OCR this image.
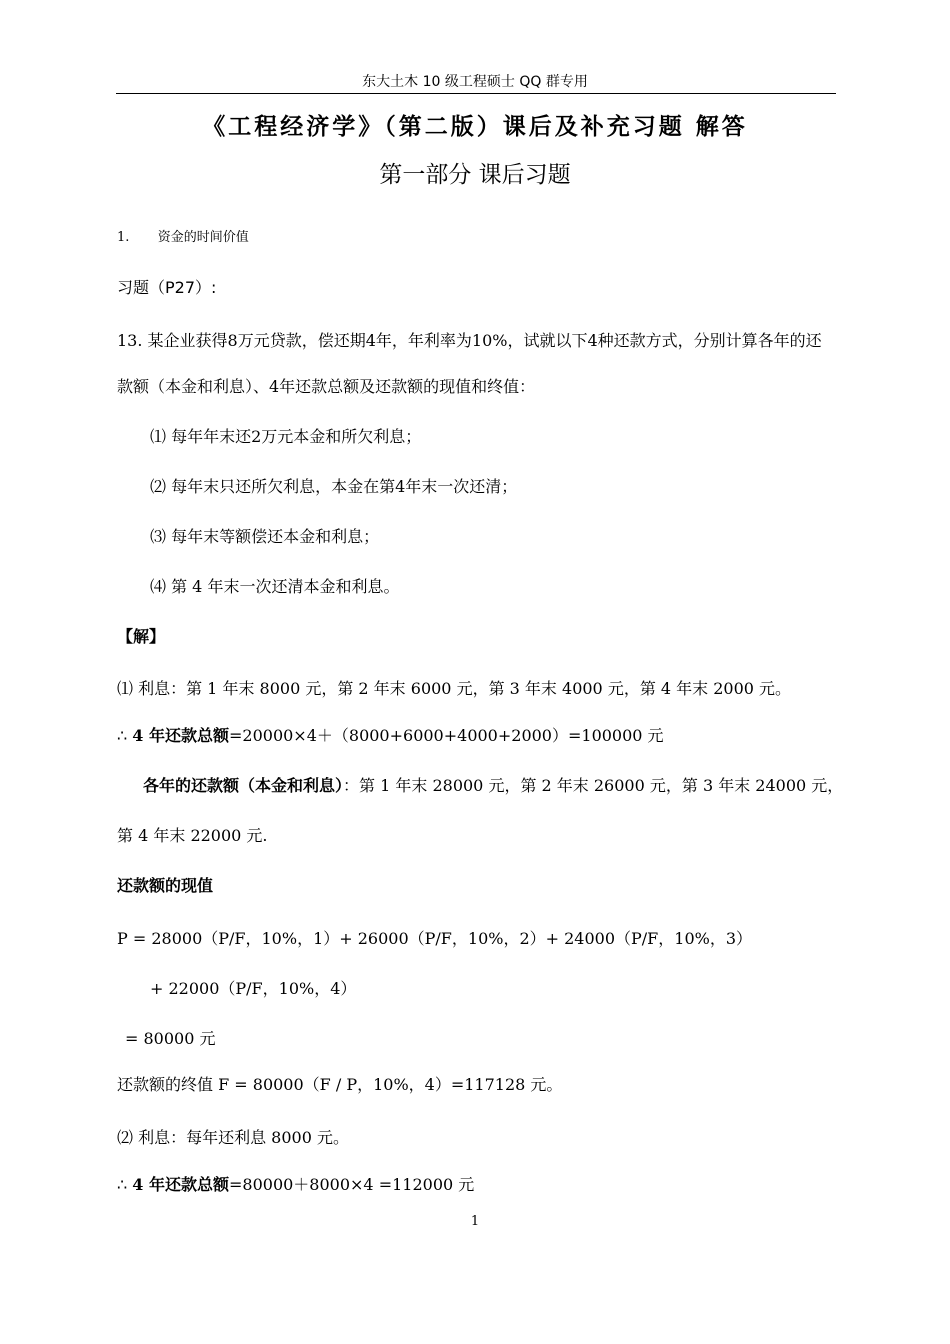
东大土木 10 级工程硕士 QQ 群专用
《工程经济学》（第二版）课后及补充习题 解答
第一部分 课后习题
1. 资金的时间价值
习题（P27）:
13. 某企业获得8万元贷款，偿还期4年，年利率为10%，试就以下4种还款方式，分别计算各年的还
款额（本金和利息）、4年还款总额及还款额的现值和终值：
⑴ 每年年末还2万元本金和所欠利息；
⑵ 每年末只还所欠利息，本金在第4年末一次还清；
⑶ 每年末等额偿还本金和利息；
⑷ 第 4 年末一次还清本金和利息。
【解】
⑴ 利息：第 1 年末 8000 元，第 2 年末 6000 元，第 3 年末 4000 元，第 4 年末 2000 元。
∴ 4 年还款总额=20000×4＋（8000+6000+4000+2000）=100000 元
各年的还款额（本金和利息）：第 1 年末 28000 元，第 2 年末 26000 元，第 3 年末 24000 元，
第 4 年末 22000 元.
还款额的现值
P = 28000（P/F，10%，1）+ 26000（P/F，10%，2）+ 24000（P/F，10%，3）
+ 22000（P/F，10%，4）
= 80000 元
还款额的终值 F = 80000（F / P，10%，4）=117128 元。
⑵ 利息：每年还利息 8000 元。
∴ 4 年还款总额=80000＋8000×4 =112000 元
1
